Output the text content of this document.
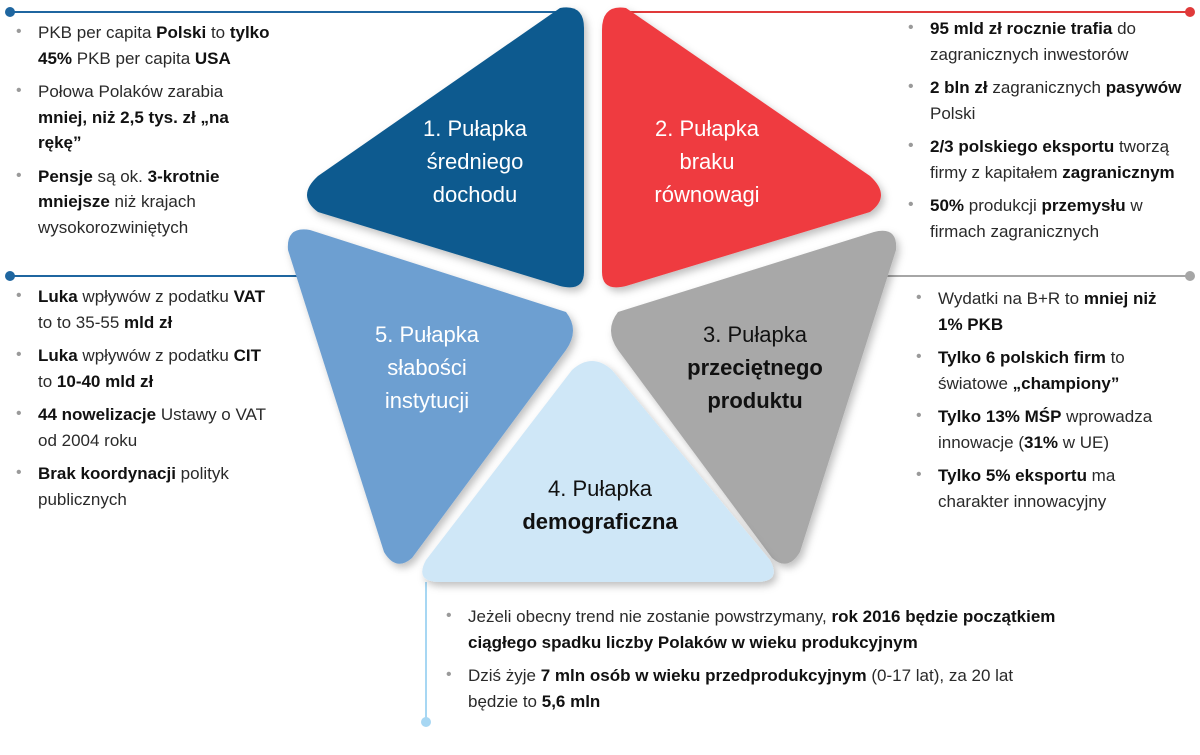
1. Pułapka
średniego
dochodu
2. Pułapka
braku
równowagi
3. Pułapka
przeciętnego
produktu
4. Pułapka
demograficzna
5. Pułapka
słabości
instytucji
• PKB per capita Polski to tylko 45% PKB per capita USA
• Połowa Polaków zarabia mniej, niż 2,5 tys. zł „na rękę”
• Pensje są ok. 3-krotnie mniejsze niż krajach wysokorozwiniętych
• Luka wpływów z podatku VAT to to 35-55 mld zł
• Luka wpływów z podatku CIT to 10-40 mld zł
• 44 nowelizacje Ustawy o VAT od 2004 roku
• Brak koordynacji polityk publicznych
• 95 mld zł rocznie trafia do zagranicznych inwestorów
• 2 bln zł zagranicznych pasywów Polski
• 2/3 polskiego eksportu tworzą firmy z kapitałem zagranicznym
• 50% produkcji przemysłu w firmach zagranicznych
• Wydatki na B+R to mniej niż 1% PKB
• Tylko 6 polskich firm to światowe „championy”
• Tylko 13% MŚP wprowadza innowacje (31% w UE)
• Tylko 5% eksportu ma charakter innowacyjny
• Jeżeli obecny trend nie zostanie powstrzymany, rok 2016 będzie początkiem ciągłego spadku liczby Polaków w wieku produkcyjnym
• Dziś żyje 7 mln osób w wieku przedprodukcyjnym (0-17 lat), za 20 lat będzie to 5,6 mln
